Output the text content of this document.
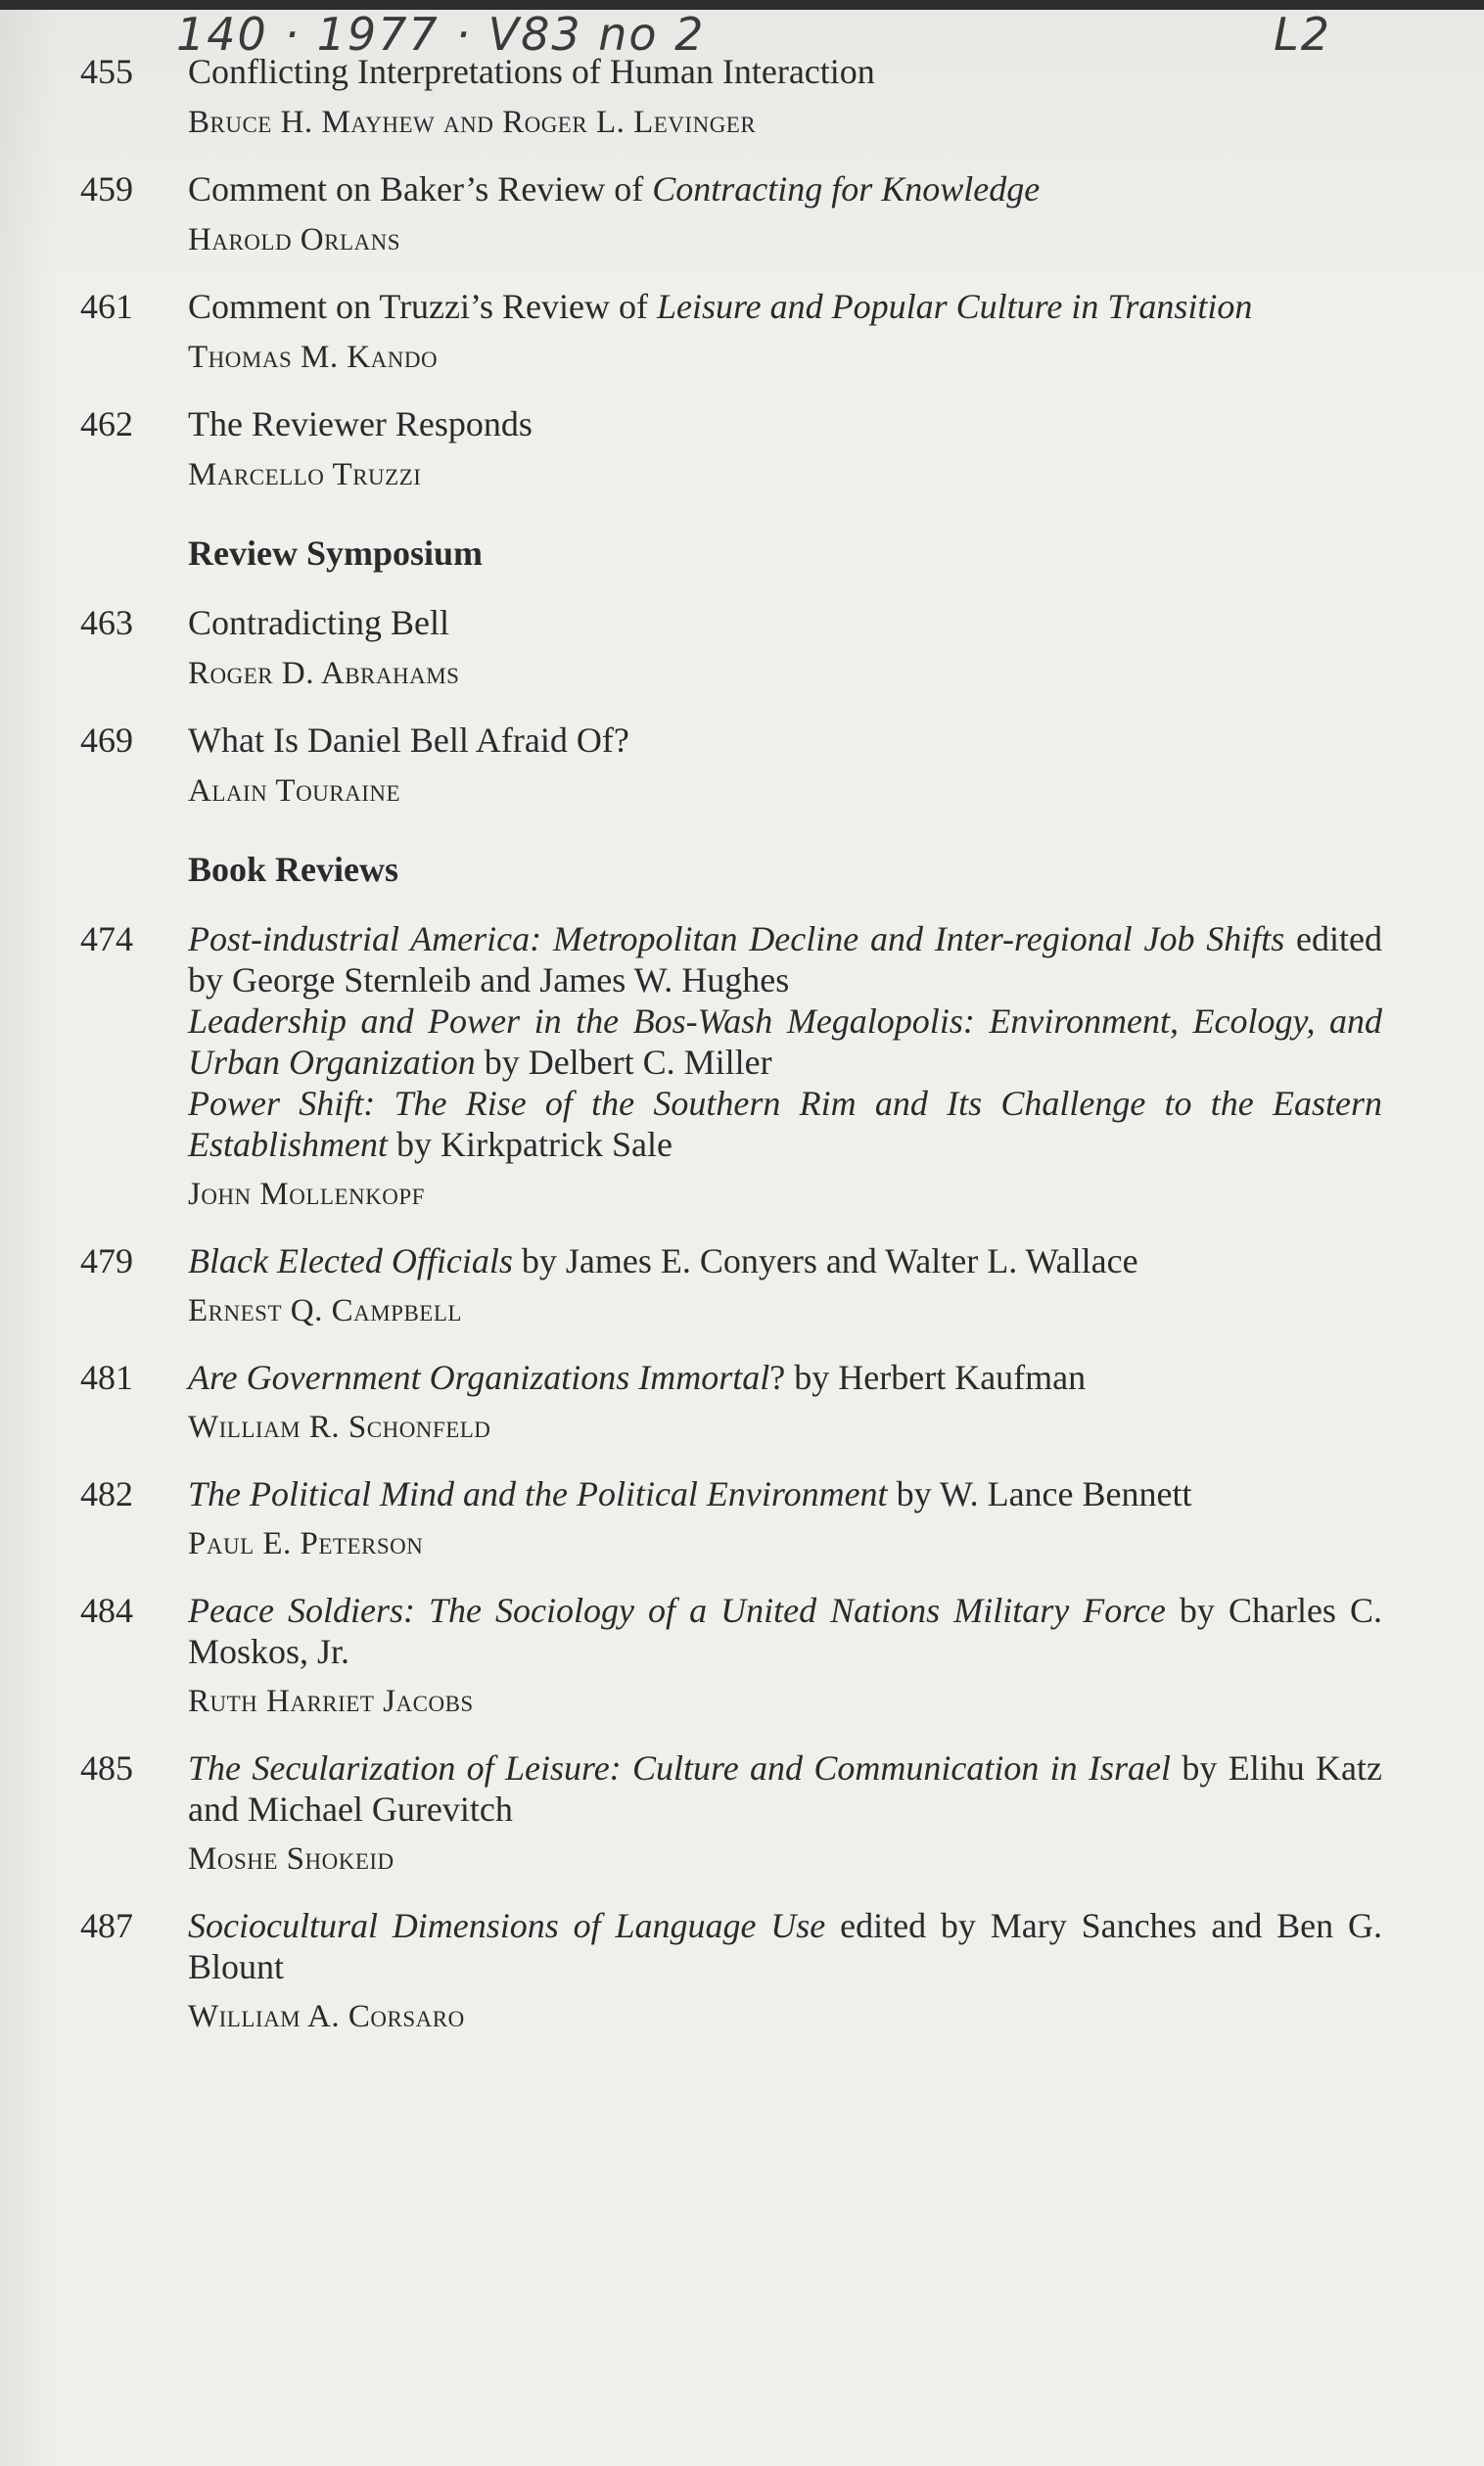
140 · 1977 · V83 no 2	L2
455	Conflicting Interpretations of Human Interaction

Bruce H. Mayhew and Roger L. Levinger
459	Comment on Baker’s Review of Contracting for Knowledge

Harold Orlans
461	Comment on Truzzi’s Review of Leisure and Popular Culture in Transition

Thomas M. Kando
462	The Reviewer Responds

Marcello Truzzi
Review Symposium
463	Contradicting Bell

Roger D. Abrahams
469	What Is Daniel Bell Afraid Of?

Alain Touraine
Book Reviews
474	Post-industrial America: Metropolitan Decline and Inter-regional Job Shifts edited by George Sternleib and James W. Hughes
Leadership and Power in the Bos-Wash Megalopolis: Environment, Ecology, and Urban Organization by Delbert C. Miller
Power Shift: The Rise of the Southern Rim and Its Challenge to the Eastern Establishment by Kirkpatrick Sale
John Mollenkopf
479	Black Elected Officials by James E. Conyers and Walter L. Wallace
Ernest Q. Campbell
481	Are Government Organizations Immortal? by Herbert Kaufman
William R. Schonfeld
482	The Political Mind and the Political Environment by W. Lance Bennett
Paul E. Peterson
484	Peace Soldiers: The Sociology of a United Nations Military Force by Charles C. Moskos, Jr.
Ruth Harriet Jacobs
485	The Secularization of Leisure: Culture and Communication in Israel by Elihu Katz and Michael Gurevitch
Moshe Shokeid
487	Sociocultural Dimensions of Language Use edited by Mary Sanches and Ben G. Blount
William A. Corsaro
